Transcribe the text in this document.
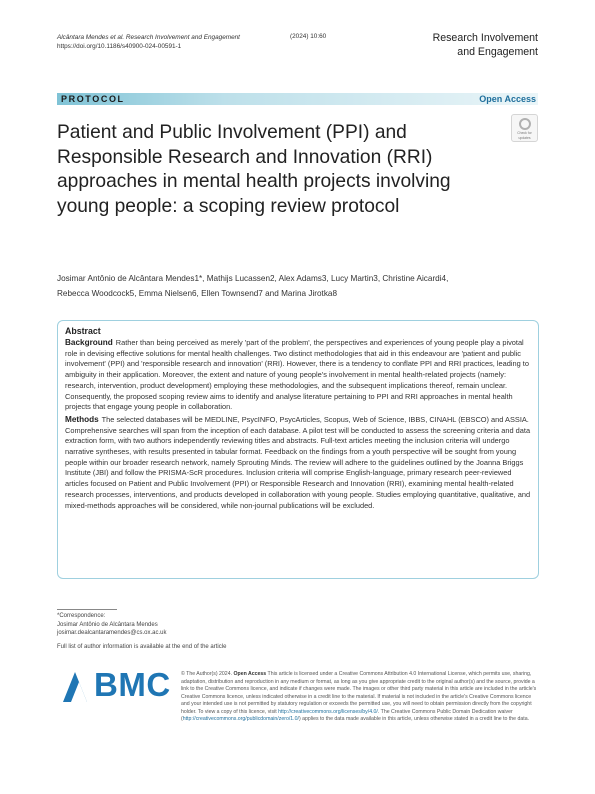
Alcântara Mendes et al. Research Involvement and Engagement
https://doi.org/10.1186/s40900-024-00591-1
(2024) 10:60	Research Involvement
and Engagement
PROTOCOL	Open Access
Check for
updates
Patient and Public Involvement (PPI) and Responsible Research and Innovation (RRI) approaches in mental health projects involving young people: a scoping review protocol
Josimar Antônio de Alcântara Mendes1*, Mathijs Lucassen2, Alex Adams3, Lucy Martin3, Christine Aicardi4,
Rebecca Woodcock5, Emma Nielsen6, Ellen Townsend7 and Marina Jirotka8
Abstract

Background Rather than being perceived as merely 'part of the problem', the perspectives and experiences of young people play a pivotal role in devising effective solutions for mental health challenges. Two distinct methodologies that aid in this endeavour are 'patient and public involvement' (PPI) and 'responsible research and innovation' (RRI). However, there is a tendency to conflate PPI and RRI practices, leading to ambiguity in their application. Moreover, the extent and nature of young people's involvement in mental health-related projects (namely: research, intervention, product development) employing these methodologies, and the subsequent implications thereof, remain unclear. Consequently, the proposed scoping review aims to identify and analyse literature pertaining to PPI and RRI approaches in mental health projects that engage young people in collaboration.

Methods The selected databases will be MEDLINE, PsycINFO, PsycArticles, Scopus, Web of Science, IBBS, CINAHL (EBSCO) and ASSIA. Comprehensive searches will span from the inception of each database. A pilot test will be conducted to assess the screening criteria and data extraction form, with two authors independently reviewing titles and abstracts. Full-text articles meeting the inclusion criteria will undergo narrative syntheses, with results presented in tabular format. Feedback on the findings from a youth perspective will be sought from young people within our broader research network, namely Sprouting Minds. The review will adhere to the guidelines outlined by the Joanna Briggs Institute (JBI) and follow the PRISMA-ScR procedures. Inclusion criteria will comprise English-language, primary research peer-reviewed articles focused on Patient and Public Involvement (PPI) or Responsible Research and Innovation (RRI), examining mental health-related research processes, interventions, and products developed in collaboration with young people. Studies employing quantitative, qualitative, and mixed-methods approaches will be considered, while non-journal publications will be excluded.

*Correspondence:
Josimar Antônio de Alcântara Mendes
josimar.dealcantaramendes@cs.ox.ac.uk
Full list of author information is available at the end of the article
BMC © The Author(s) 2024. Open Access This article is licensed under a Creative Commons Attribution 4.0 International License, which permits use, sharing, adaptation, distribution and reproduction in any medium or format, as long as you give appropriate credit to the original author(s) and the source, provide a link to the Creative Commons licence, and indicate if changes were made. The images or other third party material in this article are included in the article's Creative Commons licence, unless indicated otherwise in a credit line to the material. If material is not included in the article's Creative Commons licence and your intended use is not permitted by statutory regulation or exceeds the permitted use, you will need to obtain permission directly from the copyright holder. To view a copy of this licence, visit http://creativecommons.org/licenses/by/4.0/. The Creative Commons Public Domain Dedication waiver (http://creativecommons.org/publicdomain/zero/1.0/) applies to the data made available in this article, unless otherwise stated in a credit line to the data.
